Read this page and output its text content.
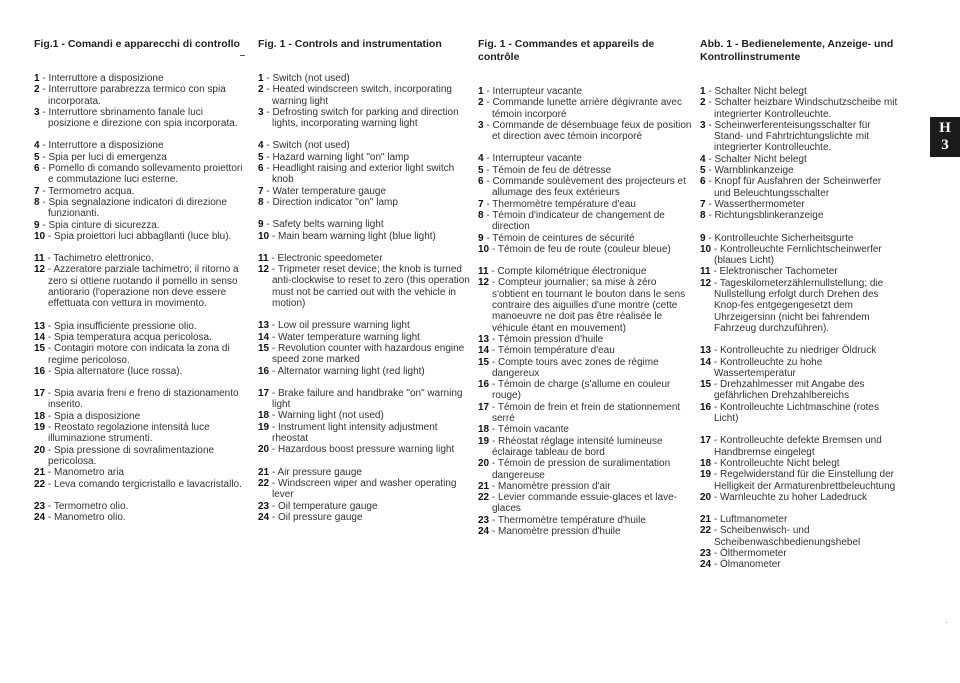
Fig.1 - Comandi e apparecchi di controllo
1 - Interruttore a disposizione
2 - Interruttore parabrezza termico con spia incorporata.
3 - Interruttore sbrinamento fanale luci posizione e direzione con spia incorporata.
4 - Interruttore a disposizione
5 - Spia per luci di emergenza
6 - Pomello di comando sollevamento proiettori e commutazione luci esterne.
7 - Termometro acqua.
8 - Spia segnalazione indicatori di direzione funzionanti.
9 - Spia cinture di sicurezza.
10 - Spia proiettori luci abbagllanti (luce blu).
11 - Tachimetro elettronico.
12 - Azzeratore parziale tachimetro; il ritorno a zero si ottiene ruotando il pomello in senso antiorario (l'operazione non deve essere effettuata con vettura in movimento.
13 - Spia insufficiente pressione olio.
14 - Spia temperatura acqua pericolosa.
15 - Contagiri motore con indicata la zona di regime pericoloso.
16 - Spia alternatore (luce rossa).
17 - Spia avaria freni e freno di stazionamento inserito.
18 - Spia a disposizione
19 - Reostato regolazione intensità luce illuminazione strumenti.
20 - Spia pressione di sovralimentazione pericolosa.
21 - Manometro aria
22 - Leva comando tergicristallo e lavacristallo.
23 - Termometro olio.
24 - Manometro olio.
Fig. 1 - Controls and instrumentation
1 - Switch (not used)
2 - Heated windscreen switch, incorporating warning light
3 - Defrosting switch for parking and direction lights, incorporating warning light
4 - Switch (not used)
5 - Hazard warning light "on" lamp
6 - Headlight raising and exterior light switch knob
7 - Water temperature gauge
8 - Direction indicator "on" lamp
9 - Safety belts warning light
10 - Main beam warning light (blue light)
11 - Electronic speedometer
12 - Tripmeter reset device; the knob is turned anti-clockwise to reset to zero (this operation must not be carried out with the vehicle in motion)
13 - Low oil pressure warning light
14 - Water temperature warning light
15 - Revolution counter with hazardous engine speed zone marked
16 - Alternator warning light (red light)
17 - Brake failure and handbrake "on" warning light
18 - Warning light (not used)
19 - Instrument light intensity adjustment rheostat
20 - Hazardous boost pressure warning light
21 - Air pressure gauge
22 - Windscreen wiper and washer operating lever
23 - Oil temperature gauge
24 - Oil pressure gauge
Fig. 1 - Commandes et appareils de contrôle
1 - Interrupteur vacante
2 - Commande lunette arrière dégivrante avec témoin incorporé
3 - Commande de désembuage feux de position et direction avec témoin incorporé
4 - Interrupteur vacante
5 - Témoin de feu de détresse
6 - Commande soulèvement des projecteurs et allumage des feux extérieurs
7 - Thermomètre température d'eau
8 - Témoin d'indicateur de changement de direction
9 - Témoin de ceintures de sécurité
10 - Témoin de feu de route (couleur bleue)
11 - Compte kilométrique électronique
12 - Compteur journalier; sa mise à zéro s'obtient en tournant le bouton dans le sens contraire des aiguilles d'une montre (cette manoeuvre ne doit pas être réalisée le véhicule étant en mouvement)
13 - Témoin pression d'huile
14 - Témoin température d'eau
15 - Compte tours avec zones de régime dangereux
16 - Témoin de charge (s'allume en couleur rouge)
17 - Témoin de frein et frein de stationnement serré
18 - Témoin vacante
19 - Rhéostat réglage intensité lumineuse éclairage tableau de bord
20 - Témoin de pression de suralimentation dangereuse
21 - Manomètre pression d'air
22 - Levier commande essuie-glaces et lave-glaces
23 - Thermomètre température d'huile
24 - Manomètre pression d'huile
Abb. 1 - Bedienelemente, Anzeige- und Kontrollinstrumente
1 - Schalter Nicht belegt
2 - Schalter heizbare Windschutzscheibe mit integrierter Kontrolleuchte.
3 - Scheinwerferenteisungsschalter für Stand- und Fahrtrichtungslichte mit integrierter Kontrolleuchte.
4 - Schalter Nicht belegt
5 - Warnblinkanzeige
6 - Knopf für Ausfahren der Scheinwerfer und Beleuchtungsschalter
7 - Wasserthermometer
8 - Richtungsblinkeranzeige
9 - Kontrolleuchte Sicherheitsgurte
10 - Kontrolleuchte Fernlichtscheinwerfer (blaues Licht)
11 - Elektronischer Tachometer
12 - Tageskilometerzählernullstellung; die Nullstellung erfolgt durch Drehen des Knop-fes entgegengesetzt dem Uhrzeigersinn (nicht bei fahrendem Fahrzeug durchzuführen).
13 - Kontrolleuchte zu niedriger Öldruck
14 - Kontrolleuchte zu hohe Wassertemperatur
15 - Drehzahlmesser mit Angabe des gefährlichen Drehzahlbereichs
16 - Kontrolleuchte Lichtmaschine (rotes Licht)
17 - Kontrolleuchte defekte Bremsen und Handbremse eingelegt
18 - Kontrolleuchte Nicht belegt
19 - Regelwiderstand für die Einstellung der Helligkeit der Armaturenbrettbeleuchtung
20 - Warnleuchte zu hoher Ladedruck
21 - Luftmanometer
22 - Scheibenwisch- und Scheibenwaschbedienungshebel
23 - Ölthermometer
24 - Ölmanometer
H
3
